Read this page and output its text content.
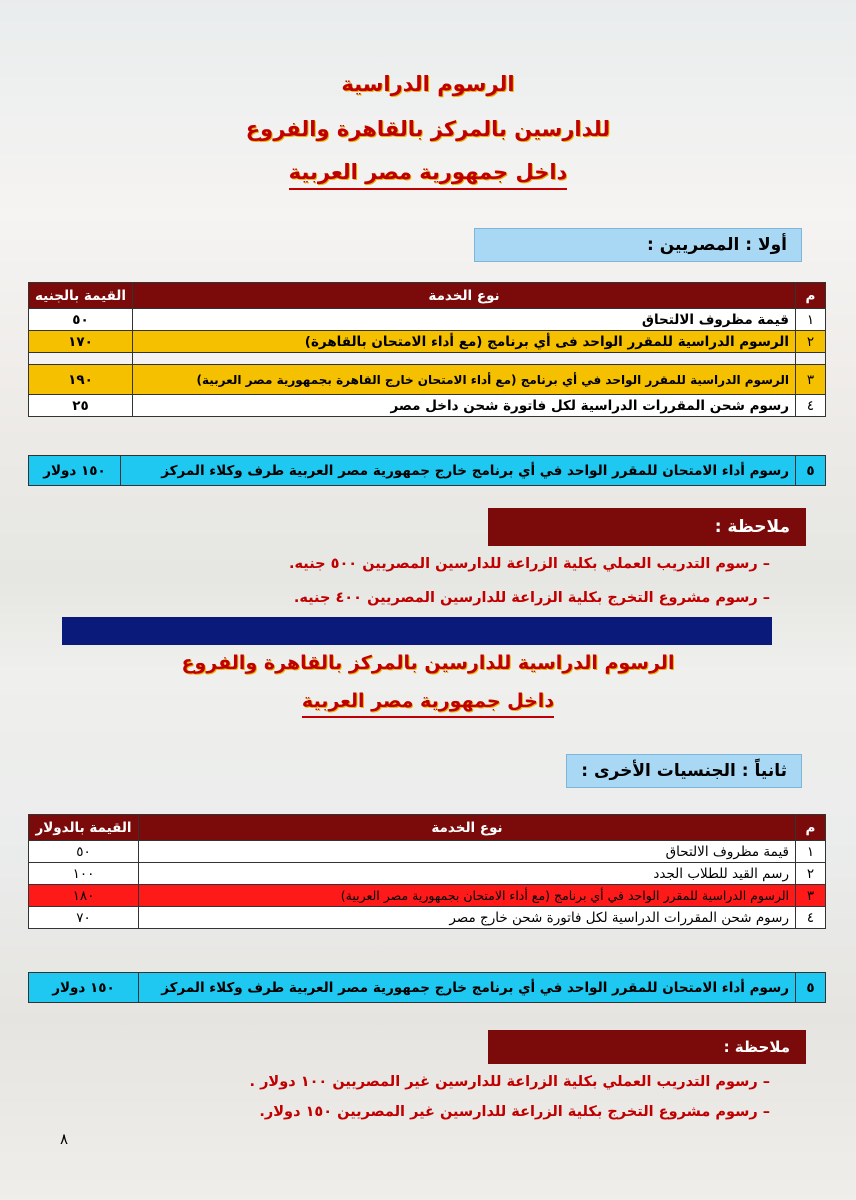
الرسوم الدراسية
للدارسين بالمركز بالقاهرة والفروع
داخل جمهورية مصر العربية
أولا : المصريين :
م	نوع الخدمة	القيمة بالجنيه
١	قيمة مظروف الالتحاق	٥٠
٢	الرسوم الدراسية للمقرر الواحد فى أي برنامج (مع أداء الامتحان بالقاهرة)	١٧٠

٣	الرسوم الدراسية للمقرر الواحد في أي برنامج (مع أداء الامتحان خارج القاهرة بجمهورية مصر العربية)	١٩٠
٤	رسوم شحن المقررات الدراسية لكل فاتورة شحن داخل مصر	٢٥
٥	رسوم أداء الامتحان للمقرر الواحد في أي برنامج خارج جمهورية مصر العربية طرف وكلاء المركز	١٥٠ دولار
ملاحظة :
– رسوم التدريب العملي بكلية الزراعة للدارسين المصريين ٥٠٠ جنيه.
– رسوم مشروع التخرج بكلية الزراعة للدارسين المصريين ٤٠٠ جنيه.
الرسوم الدراسية للدارسين بالمركز بالقاهرة والفروع
داخل جمهورية مصر العربية
ثانياً : الجنسيات الأخرى :
م	نوع الخدمة	القيمة بالدولار
١	قيمة مظروف الالتحاق	٥٠
٢	رسم القيد للطلاب الجدد	١٠٠
٣	الرسوم الدراسية للمقرر الواحد في أي برنامج (مع أداء الامتحان بجمهورية مصر العربية)	١٨٠
٤	رسوم شحن المقررات الدراسية لكل فاتورة شحن خارج مصر	٧٠
٥	رسوم أداء الامتحان للمقرر الواحد في أي برنامج خارج جمهورية مصر العربية طرف وكلاء المركز	١٥٠ دولار
ملاحظة :
– رسوم التدريب العملي بكلية الزراعة للدارسين غير المصريين ١٠٠ دولار .
– رسوم مشروع التخرج بكلية الزراعة للدارسين غير المصريين ١٥٠ دولار.
٨
